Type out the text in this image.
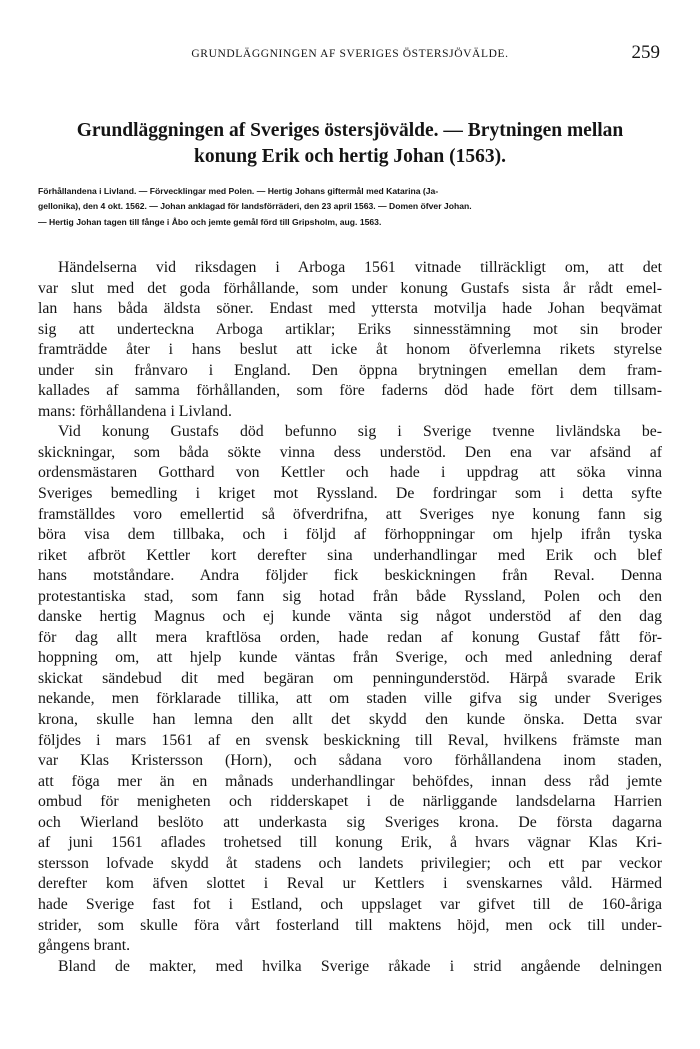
GRUNDLÄGGNINGEN AF SVERIGES ÖSTERSJÖVÄLDE.	259
Grundläggningen af Sveriges östersjövälde. — Brytningen mellan
konung Erik och hertig Johan (1563).
Förhållandena i Livland. — Förvecklingar med Polen. — Hertig Johans giftermål med Katarina (Ja-
gellonika), den 4 okt. 1562. — Johan anklagad för landsförräderi, den 23 april 1563. — Domen öfver Johan.
— Hertig Johan tagen till fånge i Åbo och jemte gemål förd till Gripsholm, aug. 1563.
Händelserna vid riksdagen i Arboga 1561 vitnade tillräckligt om, att det
var slut med det goda förhållande, som under konung Gustafs sista år rådt emel-
lan hans båda äldsta söner. Endast med yttersta motvilja hade Johan beqvämat
sig att underteckna Arboga artiklar; Eriks sinnesstämning mot sin broder
framträdde åter i hans beslut att icke åt honom öfverlemna rikets styrelse
under sin frånvaro i England. Den öppna brytningen emellan dem fram-
kallades af samma förhållanden, som före faderns död hade fört dem tillsam-
mans: förhållandena i Livland.
Vid konung Gustafs död befunno sig i Sverige tvenne livländska be-
skickningar, som båda sökte vinna dess understöd. Den ena var afsänd af
ordensmästaren Gotthard von Kettler och hade i uppdrag att söka vinna
Sveriges bemedling i kriget mot Ryssland. De fordringar som i detta syfte
framställdes voro emellertid så öfverdrifna, att Sveriges nye konung fann sig
böra visa dem tillbaka, och i följd af förhoppningar om hjelp ifrån tyska
riket afbröt Kettler kort derefter sina underhandlingar med Erik och blef
hans motståndare. Andra följder fick beskickningen från Reval. Denna
protestantiska stad, som fann sig hotad från både Ryssland, Polen och den
danske hertig Magnus och ej kunde vänta sig något understöd af den dag
för dag allt mera kraftlösa orden, hade redan af konung Gustaf fått för-
hoppning om, att hjelp kunde väntas från Sverige, och med anledning deraf
skickat sändebud dit med begäran om penningunderstöd. Härpå svarade Erik
nekande, men förklarade tillika, att om staden ville gifva sig under Sveriges
krona, skulle han lemna den allt det skydd den kunde önska. Detta svar
följdes i mars 1561 af en svensk beskickning till Reval, hvilkens främste man
var Klas Kristersson (Horn), och sådana voro förhållandena inom staden,
att föga mer än en månads underhandlingar behöfdes, innan dess råd jemte
ombud för menigheten och ridderskapet i de närliggande landsdelarna Harrien
och Wierland beslöto att underkasta sig Sveriges krona. De första dagarna
af juni 1561 aflades trohetsed till konung Erik, å hvars vägnar Klas Kri-
stersson lofvade skydd åt stadens och landets privilegier; och ett par veckor
derefter kom äfven slottet i Reval ur Kettlers i svenskarnes våld. Härmed
hade Sverige fast fot i Estland, och uppslaget var gifvet till de 160-åriga
strider, som skulle föra vårt fosterland till maktens höjd, men ock till under-
gångens brant.
Bland de makter, med hvilka Sverige råkade i strid angående delningen
